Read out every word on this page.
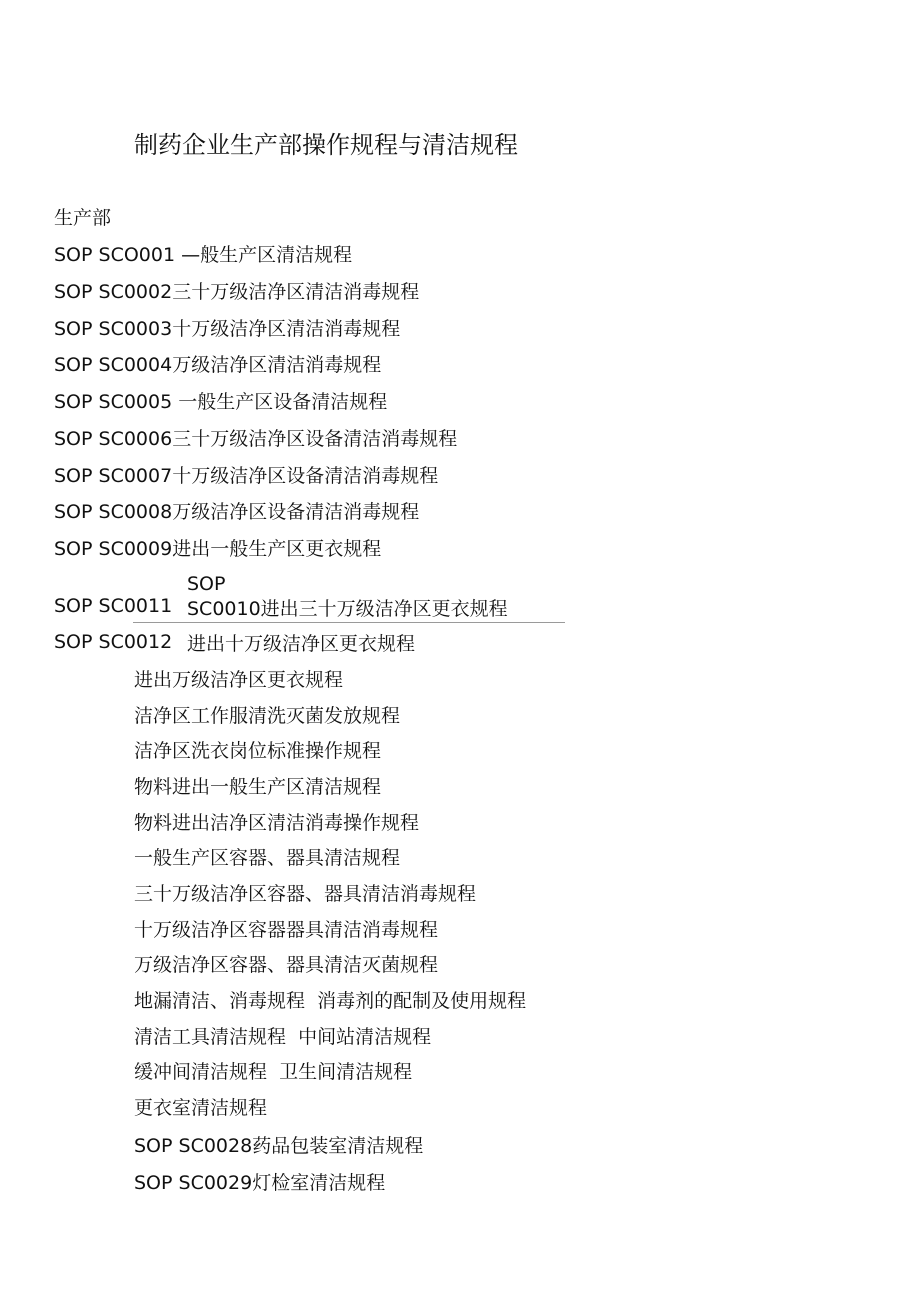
制药企业生产部操作规程与清洁规程
生产部
SOP SCO001 —般生产区清洁规程
SOP SC0002三十万级洁净区清洁消毒规程
SOP SC0003十万级洁净区清洁消毒规程
SOP SC0004万级洁净区清洁消毒规程
SOP SC0005 一般生产区设备清洁规程
SOP SC0006三十万级洁净区设备清洁消毒规程
SOP SC0007十万级洁净区设备清洁消毒规程
SOP SC0008万级洁净区设备清洁消毒规程
SOP SC0009进出一般生产区更衣规程
SOP
SC0010进出三十万级洁净区更衣规程
SOP SC0011
SOP SC0012 进出十万级洁净区更衣规程
进出万级洁净区更衣规程
洁净区工作服清洗灭菌发放规程
洁净区洗衣岗位标准操作规程
物料进出一般生产区清洁规程
物料进出洁净区清洁消毒操作规程
一般生产区容器、器具清洁规程
三十万级洁净区容器、器具清洁消毒规程
十万级洁净区容器器具清洁消毒规程
万级洁净区容器、器具清洁灭菌规程
地漏清洁、消毒规程  消毒剂的配制及使用规程
清洁工具清洁规程  中间站清洁规程
缓冲间清洁规程  卫生间清洁规程
更衣室清洁规程
SOP SC0028药品包装室清洁规程
SOP SC0029灯检室清洁规程
